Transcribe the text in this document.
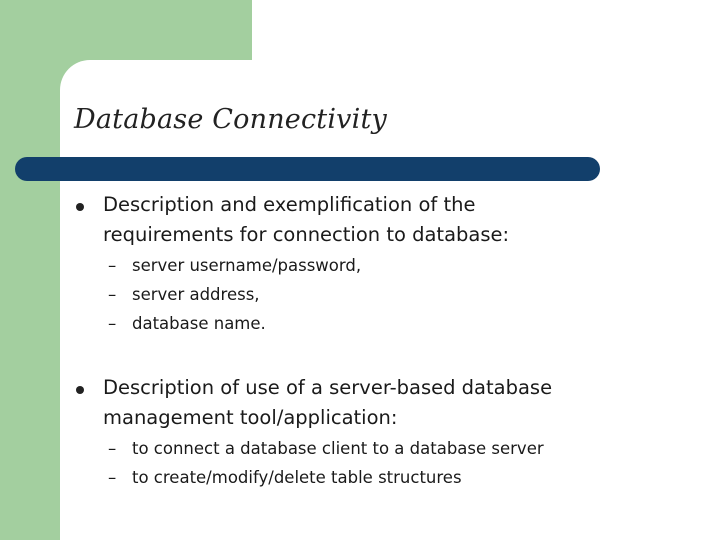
Database Connectivity
Description and exemplification of the
requirements for connection to database:
– server username/password,
– server address,
– database name.
Description of use of a server-based database
management tool/application:
– to connect a database client to a database server
– to create/modify/delete table structures
